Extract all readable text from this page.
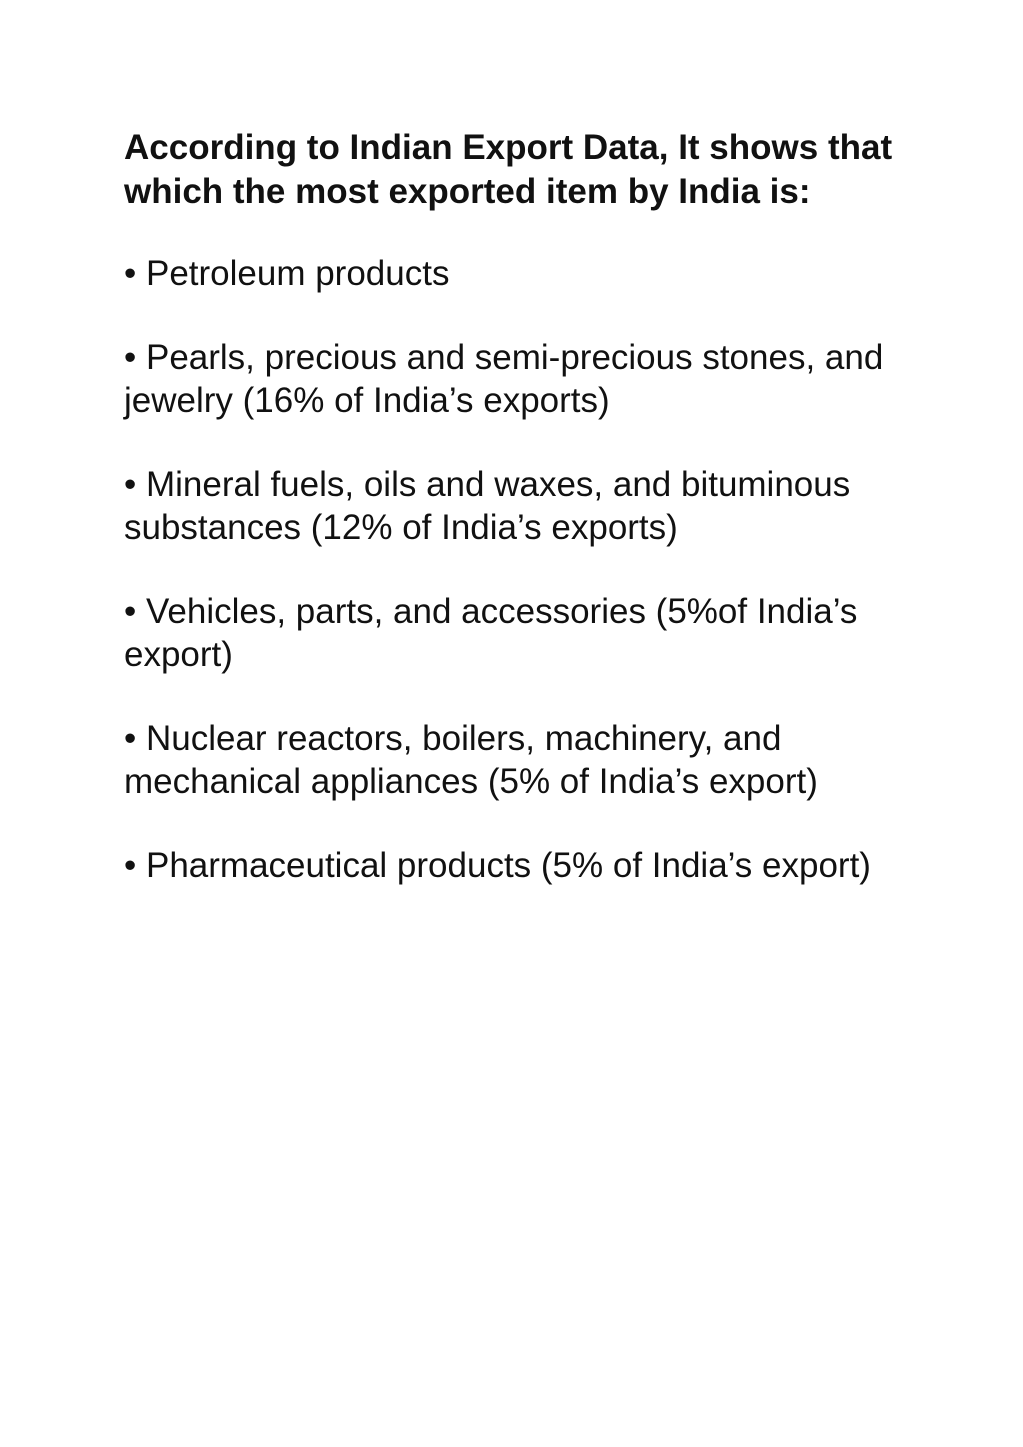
According to Indian Export Data, It shows that which the most exported item by India is:
• Petroleum products
• Pearls, precious and semi-precious stones, and jewelry (16% of India’s exports)
• Mineral fuels, oils and waxes, and bituminous substances (12% of India’s exports)
• Vehicles, parts, and accessories (5%of India’s export)
• Nuclear reactors, boilers, machinery, and mechanical appliances (5% of India’s export)
• Pharmaceutical products (5% of India’s export)
